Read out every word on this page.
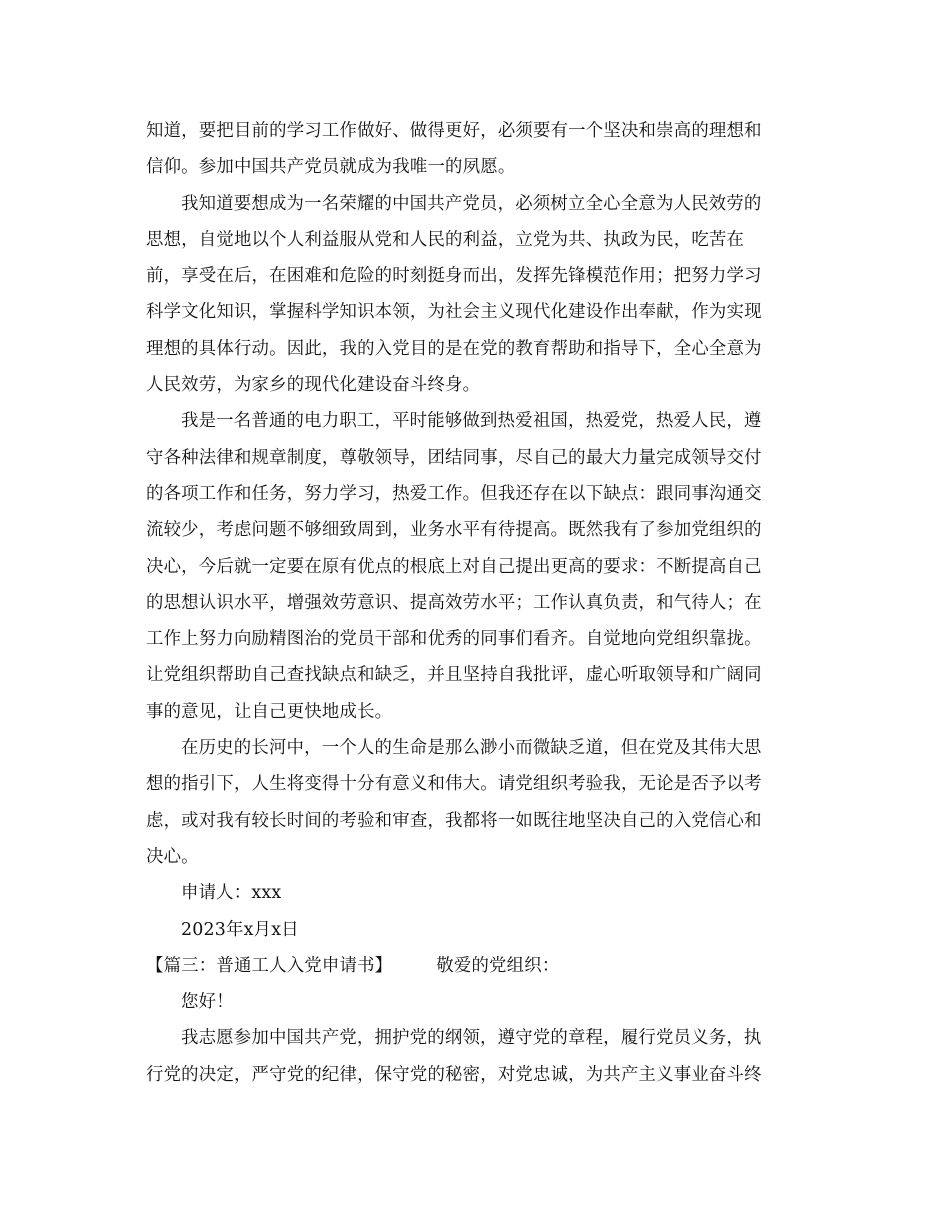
知道，要把目前的学习工作做好、做得更好，必须要有一个坚决和崇高的理想和
信仰。参加中国共产党员就成为我唯一的夙愿。
我知道要想成为一名荣耀的中国共产党员，必须树立全心全意为人民效劳的
思想，自觉地以个人利益服从党和人民的利益，立党为共、执政为民，吃苦在
前，享受在后，在困难和危险的时刻挺身而出，发挥先锋模范作用；把努力学习
科学文化知识，掌握科学知识本领，为社会主义现代化建设作出奉献，作为实现
理想的具体行动。因此，我的入党目的是在党的教育帮助和指导下，全心全意为
人民效劳，为家乡的现代化建设奋斗终身。
我是一名普通的电力职工，平时能够做到热爱祖国，热爱党，热爱人民，遵
守各种法律和规章制度，尊敬领导，团结同事，尽自己的最大力量完成领导交付
的各项工作和任务，努力学习，热爱工作。但我还存在以下缺点：跟同事沟通交
流较少，考虑问题不够细致周到，业务水平有待提高。既然我有了参加党组织的
决心，今后就一定要在原有优点的根底上对自己提出更高的要求：不断提高自己
的思想认识水平，增强效劳意识、提高效劳水平；工作认真负责，和气待人；在
工作上努力向励精图治的党员干部和优秀的同事们看齐。自觉地向党组织靠拢。
让党组织帮助自己查找缺点和缺乏，并且坚持自我批评，虚心听取领导和广阔同
事的意见，让自己更快地成长。
在历史的长河中，一个人的生命是那么渺小而微缺乏道，但在党及其伟大思
想的指引下，人生将变得十分有意义和伟大。请党组织考验我，无论是否予以考
虑，或对我有较长时间的考验和审查，我都将一如既往地坚决自己的入党信心和
决心。
申请人：xxx
2023年x月x日
【篇三：普通工人入党申请书】	敬爱的党组织：
您好！
我志愿参加中国共产党，拥护党的纲领，遵守党的章程，履行党员义务，执
行党的决定，严守党的纪律，保守党的秘密，对党忠诚，为共产主义事业奋斗终
